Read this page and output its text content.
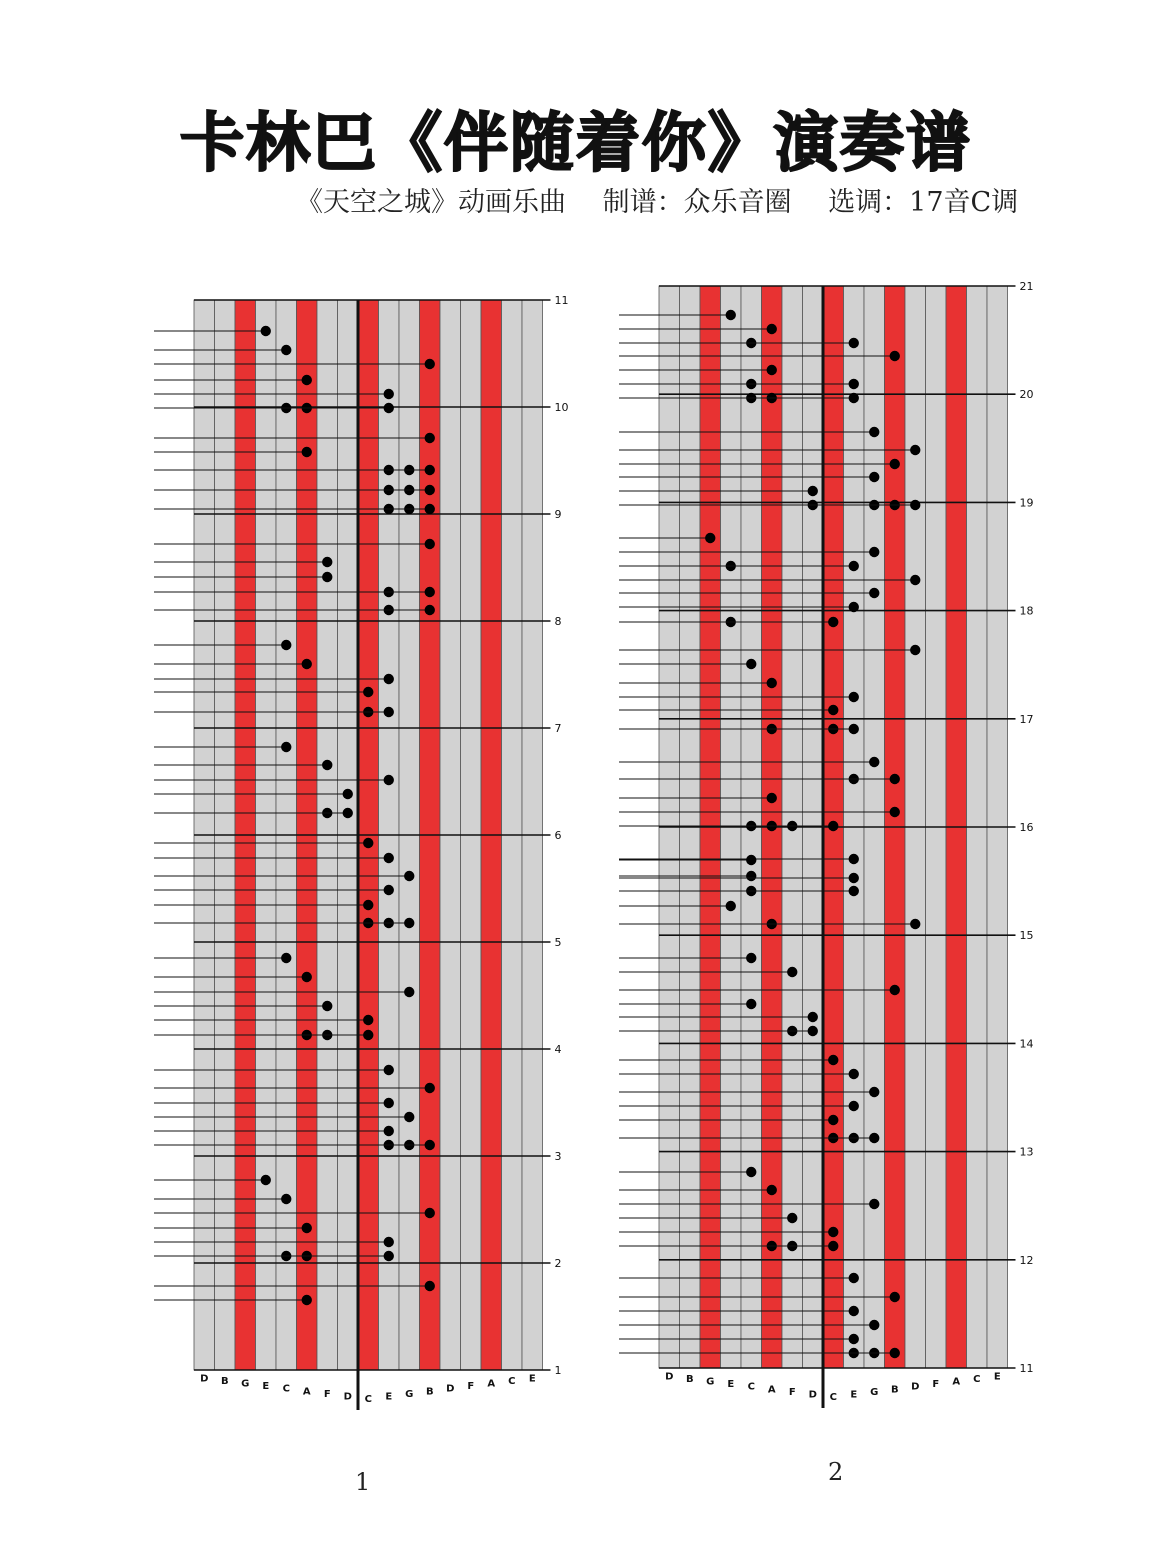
卡林巴《伴随着你》演奏谱
《天空之城》动画乐曲 制谱：众乐音圈 选调：17音C调
1
2
3
4
5
6
7
8
9
10
11
D B G E C A F D C E G B D F A C E
11
12
13
14
15
16
17
18
19
20
21
D B G E C A F D C E G B D F A C E
1	2
